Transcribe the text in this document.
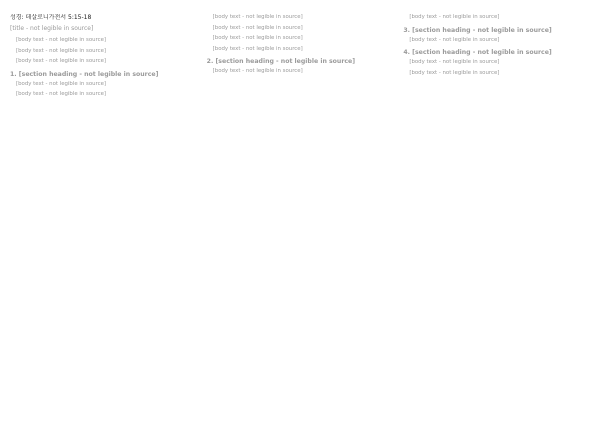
성경: 데살로니가전서 5:15-18
[title - not legible in source]

[body text - not legible in source]

[body text - not legible in source]

[body text - not legible in source]

1. [section heading - not legible in source]

[body text - not legible in source]

[body text - not legible in source]

[body text - not legible in source]

[body text - not legible in source]

[body text - not legible in source]

[body text - not legible in source]

2. [section heading - not legible in source]

[body text - not legible in source]

[body text - not legible in source]

3. [section heading - not legible in source]

[body text - not legible in source]

4. [section heading - not legible in source]

[body text - not legible in source]

[body text - not legible in source]
